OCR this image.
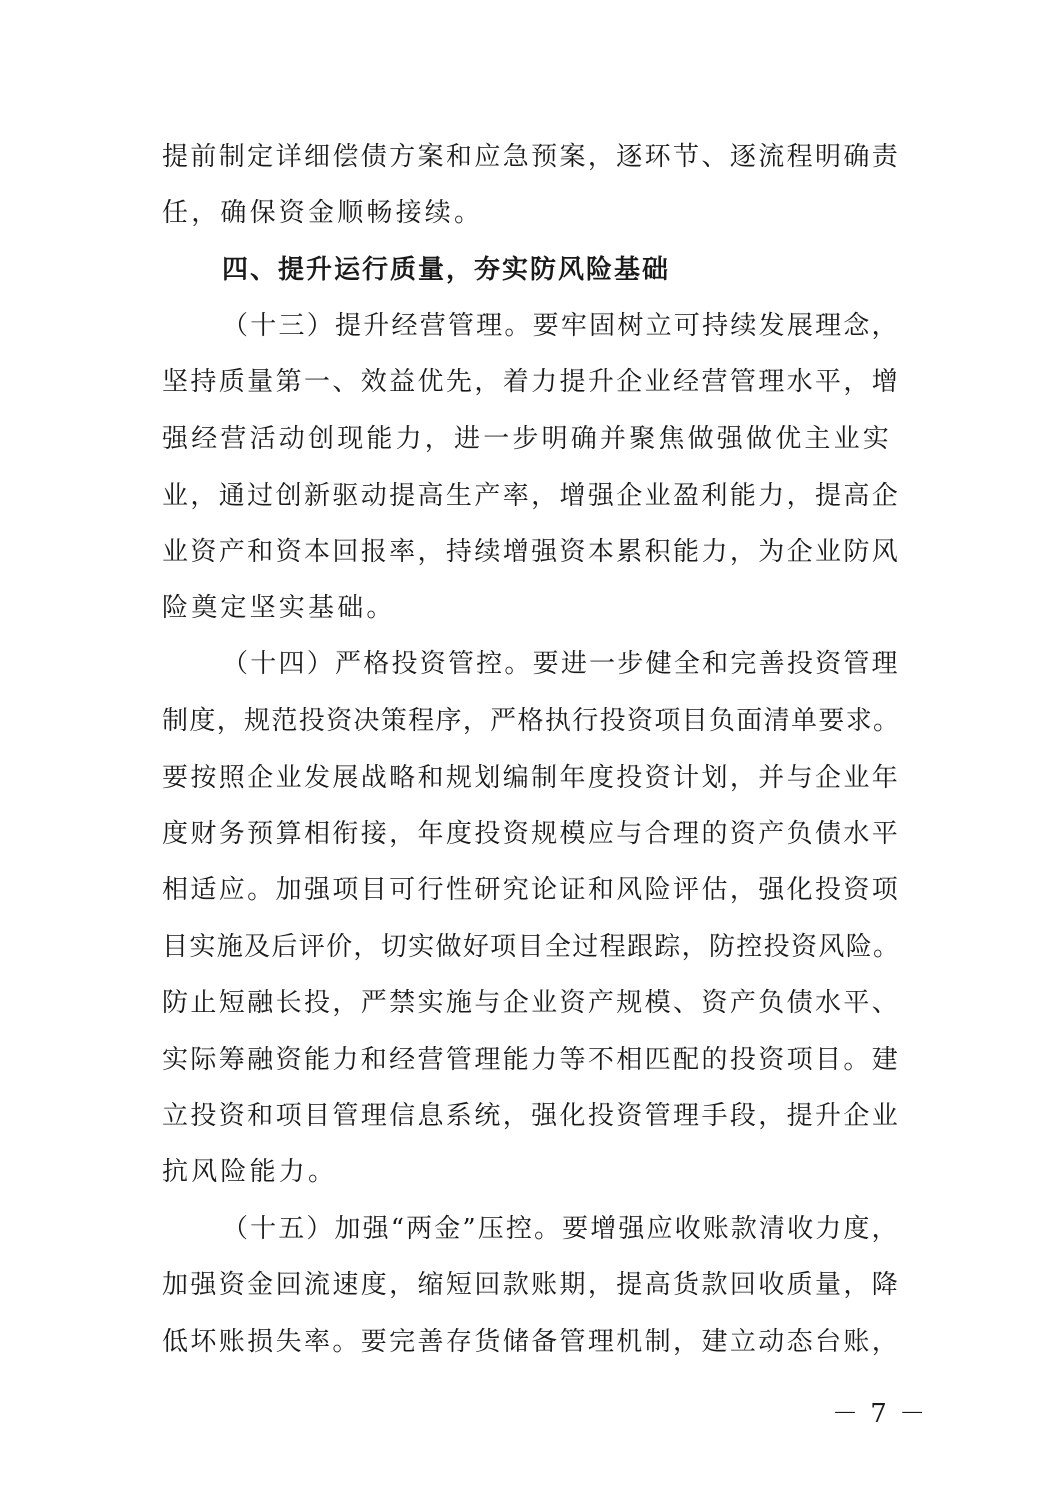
提前制定详细偿债方案和应急预案，逐环节、逐流程明确责
任，确保资金顺畅接续。
四、提升运行质量，夯实防风险基础
（十三）提升经营管理。要牢固树立可持续发展理念，
坚持质量第一、效益优先，着力提升企业经营管理水平，增
强经营活动创现能力，进一步明确并聚焦做强做优主业实
业，通过创新驱动提高生产率，增强企业盈利能力，提高企
业资产和资本回报率，持续增强资本累积能力，为企业防风
险奠定坚实基础。
（十四）严格投资管控。要进一步健全和完善投资管理
制度，规范投资决策程序，严格执行投资项目负面清单要求。
要按照企业发展战略和规划编制年度投资计划，并与企业年
度财务预算相衔接，年度投资规模应与合理的资产负债水平
相适应。加强项目可行性研究论证和风险评估，强化投资项
目实施及后评价，切实做好项目全过程跟踪，防控投资风险。
防止短融长投，严禁实施与企业资产规模、资产负债水平、
实际筹融资能力和经营管理能力等不相匹配的投资项目。建
立投资和项目管理信息系统，强化投资管理手段，提升企业
抗风险能力。
（十五）加强“两金”压控。要增强应收账款清收力度，
加强资金回流速度，缩短回款账期，提高货款回收质量，降
低坏账损失率。要完善存货储备管理机制，建立动态台账，
－ 7 －
